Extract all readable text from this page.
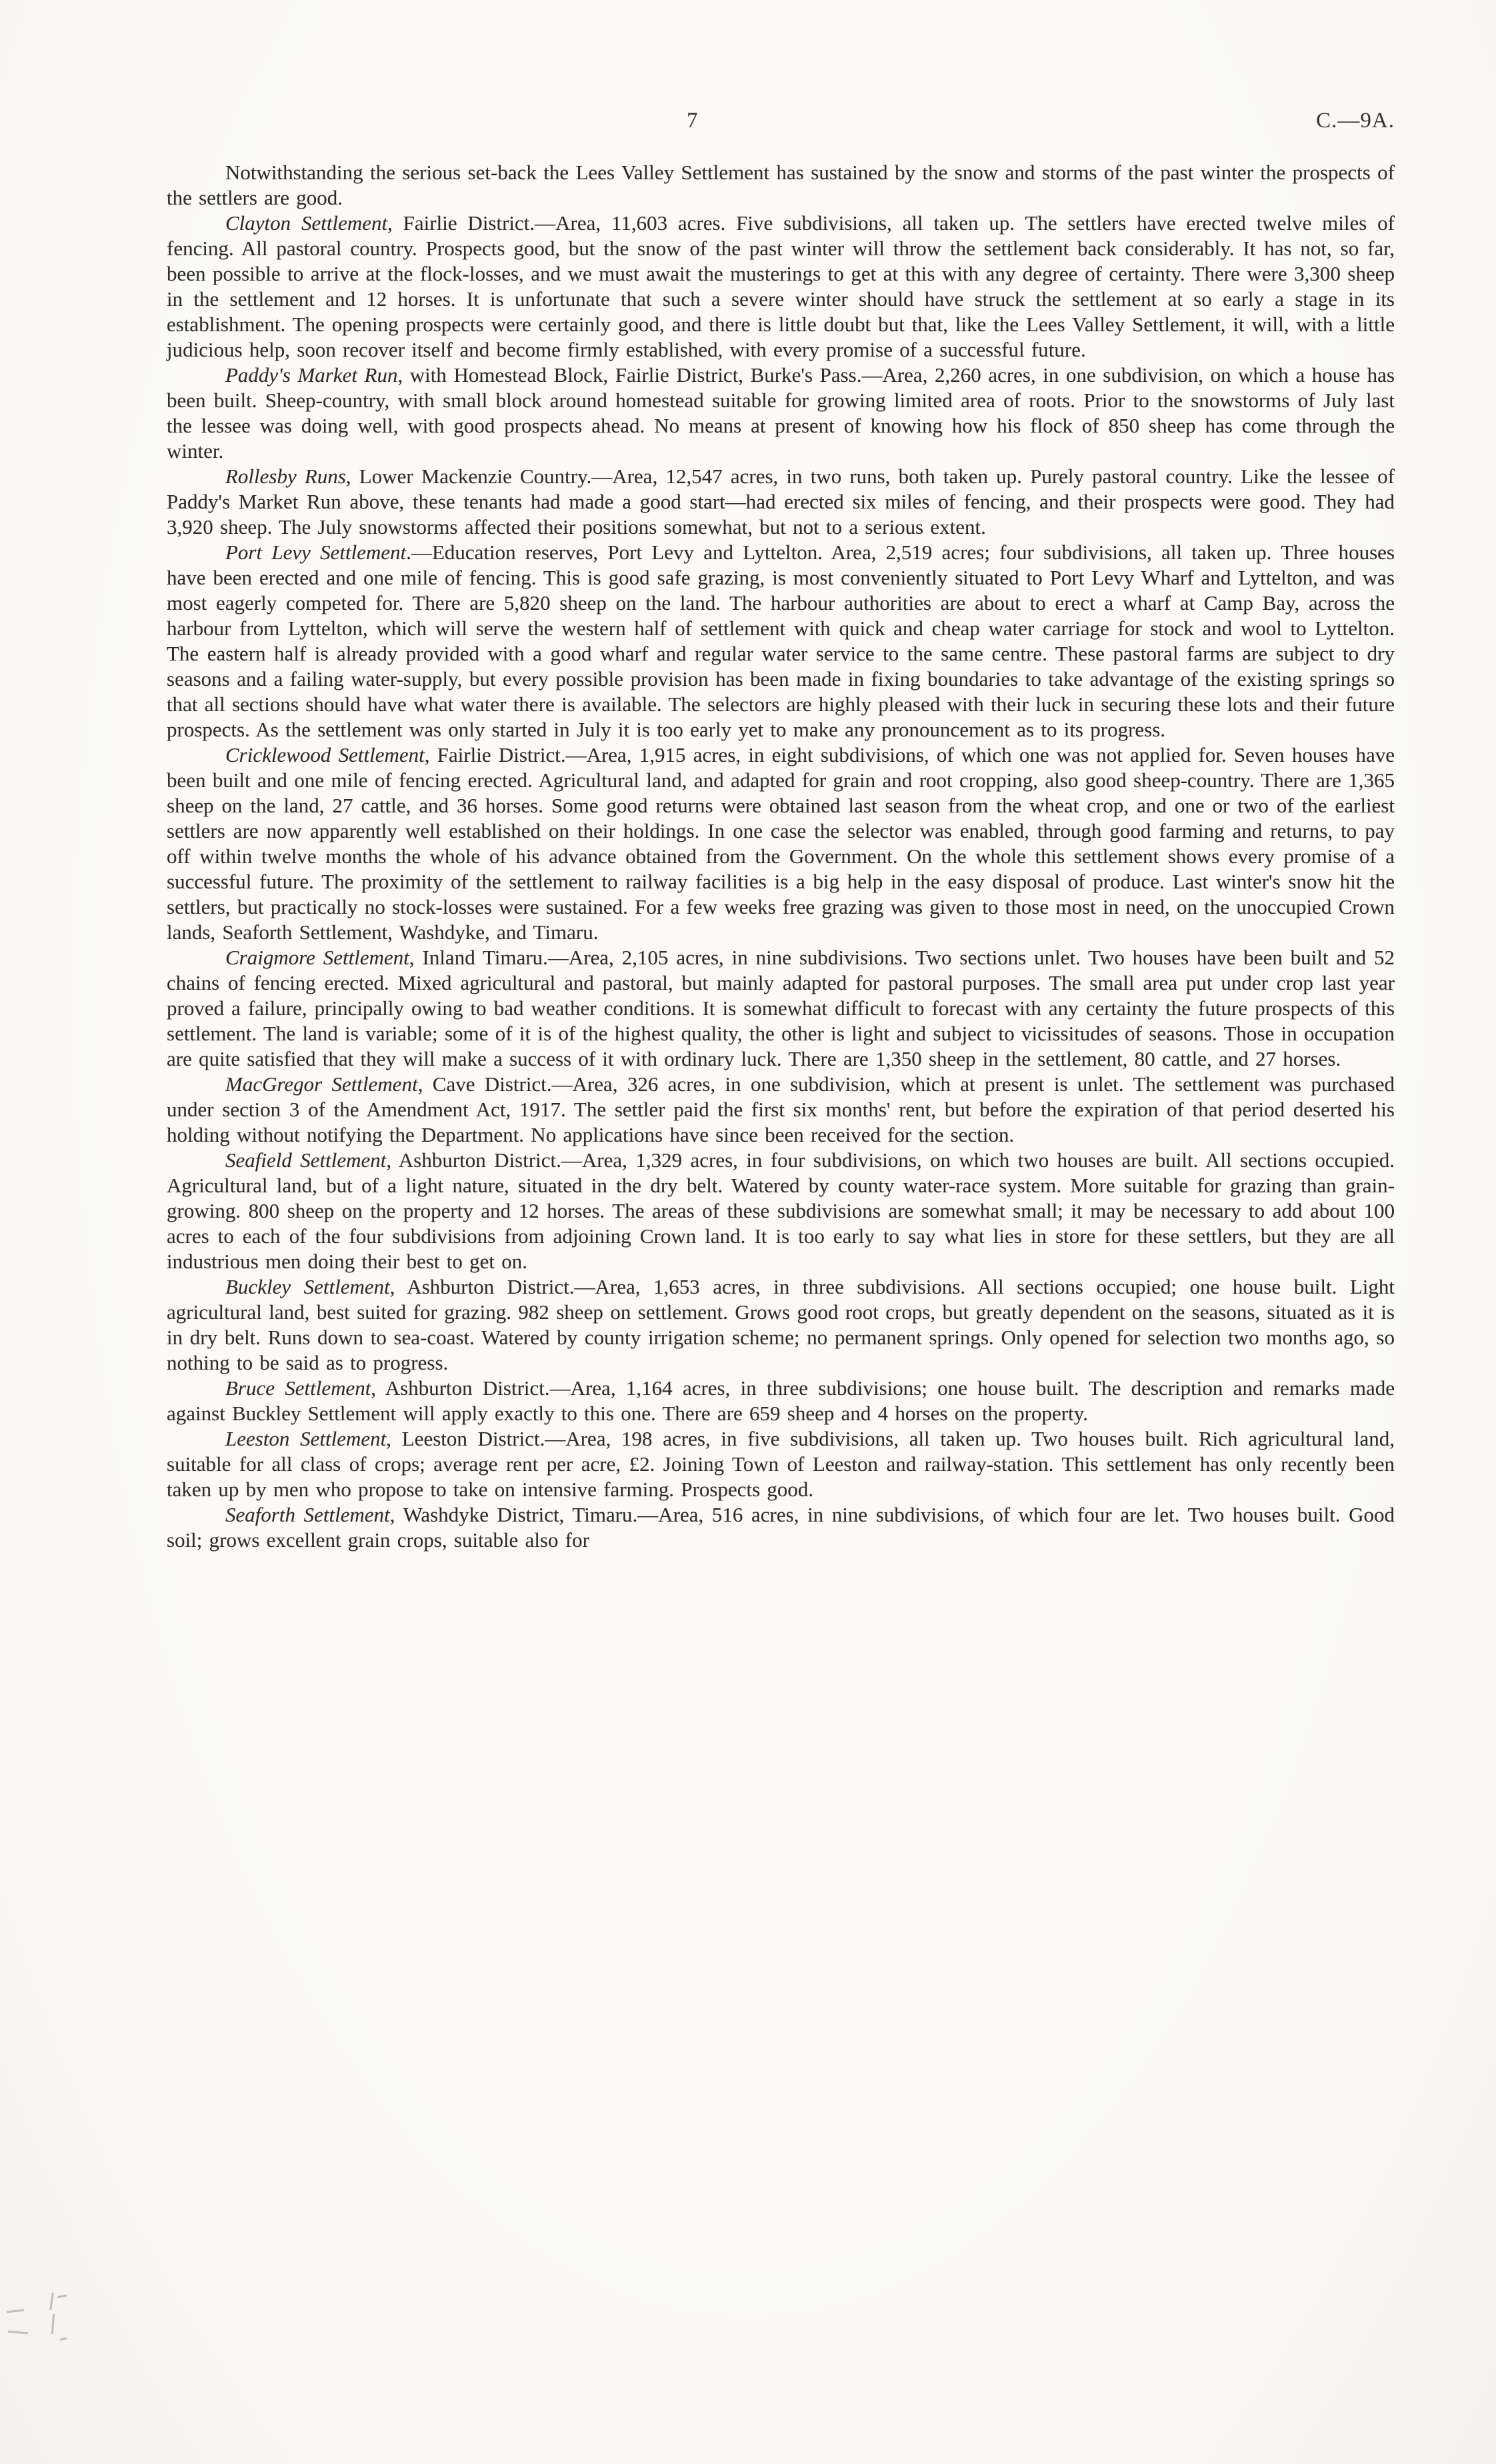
7	C.—9A.

Notwithstanding the serious set-back the Lees Valley Settlement has sustained by the snow and storms of the past winter the prospects of the settlers are good.

Clayton Settlement, Fairlie District.—Area, 11,603 acres. Five subdivisions, all taken up. The settlers have erected twelve miles of fencing. All pastoral country. Prospects good, but the snow of the past winter will throw the settlement back considerably. It has not, so far, been possible to arrive at the flock-losses, and we must await the musterings to get at this with any degree of certainty. There were 3,300 sheep in the settlement and 12 horses. It is unfortunate that such a severe winter should have struck the settlement at so early a stage in its establishment. The opening prospects were certainly good, and there is little doubt but that, like the Lees Valley Settlement, it will, with a little judicious help, soon recover itself and become firmly established, with every promise of a successful future.

Paddy's Market Run, with Homestead Block, Fairlie District, Burke's Pass.—Area, 2,260 acres, in one subdivision, on which a house has been built. Sheep-country, with small block around homestead suitable for growing limited area of roots. Prior to the snowstorms of July last the lessee was doing well, with good prospects ahead. No means at present of knowing how his flock of 850 sheep has come through the winter.

Rollesby Runs, Lower Mackenzie Country.—Area, 12,547 acres, in two runs, both taken up. Purely pastoral country. Like the lessee of Paddy's Market Run above, these tenants had made a good start—had erected six miles of fencing, and their prospects were good. They had 3,920 sheep. The July snowstorms affected their positions somewhat, but not to a serious extent.

Port Levy Settlement.—Education reserves, Port Levy and Lyttelton. Area, 2,519 acres; four subdivisions, all taken up. Three houses have been erected and one mile of fencing. This is good safe grazing, is most conveniently situated to Port Levy Wharf and Lyttelton, and was most eagerly competed for. There are 5,820 sheep on the land. The harbour authorities are about to erect a wharf at Camp Bay, across the harbour from Lyttelton, which will serve the western half of settlement with quick and cheap water carriage for stock and wool to Lyttelton. The eastern half is already provided with a good wharf and regular water service to the same centre. These pastoral farms are subject to dry seasons and a failing water-supply, but every possible provision has been made in fixing boundaries to take advantage of the existing springs so that all sections should have what water there is available. The selectors are highly pleased with their luck in securing these lots and their future prospects. As the settlement was only started in July it is too early yet to make any pronouncement as to its progress.

Cricklewood Settlement, Fairlie District.—Area, 1,915 acres, in eight subdivisions, of which one was not applied for. Seven houses have been built and one mile of fencing erected. Agricultural land, and adapted for grain and root cropping, also good sheep-country. There are 1,365 sheep on the land, 27 cattle, and 36 horses. Some good returns were obtained last season from the wheat crop, and one or two of the earliest settlers are now apparently well established on their holdings. In one case the selector was enabled, through good farming and returns, to pay off within twelve months the whole of his advance obtained from the Government. On the whole this settlement shows every promise of a successful future. The proximity of the settlement to railway facilities is a big help in the easy disposal of produce. Last winter's snow hit the settlers, but practically no stock-losses were sustained. For a few weeks free grazing was given to those most in need, on the unoccupied Crown lands, Seaforth Settlement, Washdyke, and Timaru.

Craigmore Settlement, Inland Timaru.—Area, 2,105 acres, in nine subdivisions. Two sections unlet. Two houses have been built and 52 chains of fencing erected. Mixed agricultural and pastoral, but mainly adapted for pastoral purposes. The small area put under crop last year proved a failure, principally owing to bad weather conditions. It is somewhat difficult to forecast with any certainty the future prospects of this settlement. The land is variable; some of it is of the highest quality, the other is light and subject to vicissitudes of seasons. Those in occupation are quite satisfied that they will make a success of it with ordinary luck. There are 1,350 sheep in the settlement, 80 cattle, and 27 horses.

MacGregor Settlement, Cave District.—Area, 326 acres, in one subdivision, which at present is unlet. The settlement was purchased under section 3 of the Amendment Act, 1917. The settler paid the first six months' rent, but before the expiration of that period deserted his holding without notifying the Department. No applications have since been received for the section.

Seafield Settlement, Ashburton District.—Area, 1,329 acres, in four subdivisions, on which two houses are built. All sections occupied. Agricultural land, but of a light nature, situated in the dry belt. Watered by county water-race system. More suitable for grazing than grain-growing. 800 sheep on the property and 12 horses. The areas of these subdivisions are somewhat small; it may be necessary to add about 100 acres to each of the four subdivisions from adjoining Crown land. It is too early to say what lies in store for these settlers, but they are all industrious men doing their best to get on.

Buckley Settlement, Ashburton District.—Area, 1,653 acres, in three subdivisions. All sections occupied; one house built. Light agricultural land, best suited for grazing. 982 sheep on settlement. Grows good root crops, but greatly dependent on the seasons, situated as it is in dry belt. Runs down to sea-coast. Watered by county irrigation scheme; no permanent springs. Only opened for selection two months ago, so nothing to be said as to progress.

Bruce Settlement, Ashburton District.—Area, 1,164 acres, in three subdivisions; one house built. The description and remarks made against Buckley Settlement will apply exactly to this one. There are 659 sheep and 4 horses on the property.

Leeston Settlement, Leeston District.—Area, 198 acres, in five subdivisions, all taken up. Two houses built. Rich agricultural land, suitable for all class of crops; average rent per acre, £2. Joining Town of Leeston and railway-station. This settlement has only recently been taken up by men who propose to take on intensive farming. Prospects good.

Seaforth Settlement, Washdyke District, Timaru.—Area, 516 acres, in nine subdivisions, of which four are let. Two houses built. Good soil; grows excellent grain crops, suitable also for
